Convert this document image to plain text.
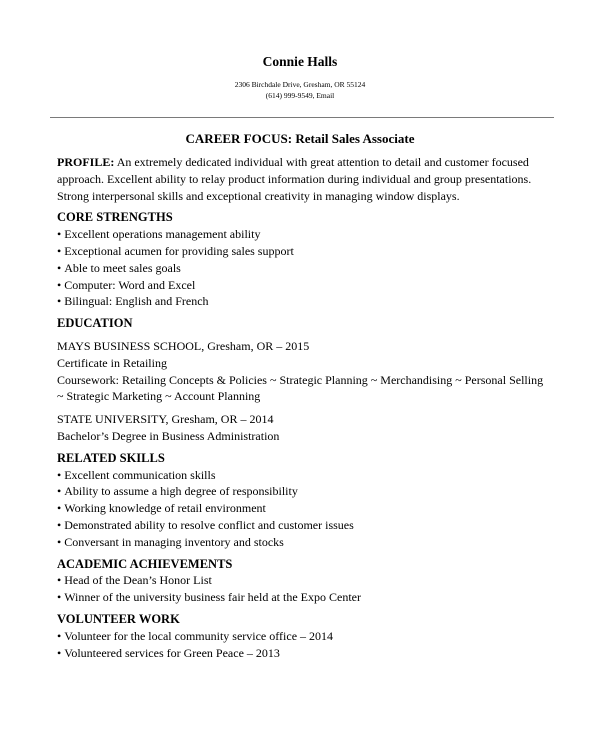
Connie Halls
2306 Birchdale Drive, Gresham, OR 55124
(614) 999-9549, Email
CAREER FOCUS: Retail Sales Associate

PROFILE: An extremely dedicated individual with great attention to detail and customer focused approach. Excellent ability to relay product information during individual and group presentations. Strong interpersonal skills and exceptional creativity in managing window displays.

CORE STRENGTHS
• Excellent operations management ability
• Exceptional acumen for providing sales support
• Able to meet sales goals
• Computer: Word and Excel
• Bilingual: English and French
EDUCATION

MAYS BUSINESS SCHOOL, Gresham, OR – 2015

Certificate in Retailing

Coursework: Retailing Concepts & Policies ~ Strategic Planning ~ Merchandising ~ Personal Selling ~ Strategic Marketing ~ Account Planning

STATE UNIVERSITY, Gresham, OR – 2014

Bachelor’s Degree in Business Administration

RELATED SKILLS
• Excellent communication skills
• Ability to assume a high degree of responsibility
• Working knowledge of retail environment
• Demonstrated ability to resolve conflict and customer issues
• Conversant in managing inventory and stocks
ACADEMIC ACHIEVEMENTS
• Head of the Dean’s Honor List
• Winner of the university business fair held at the Expo Center
VOLUNTEER WORK
• Volunteer for the local community service office – 2014
• Volunteered services for Green Peace – 2013
